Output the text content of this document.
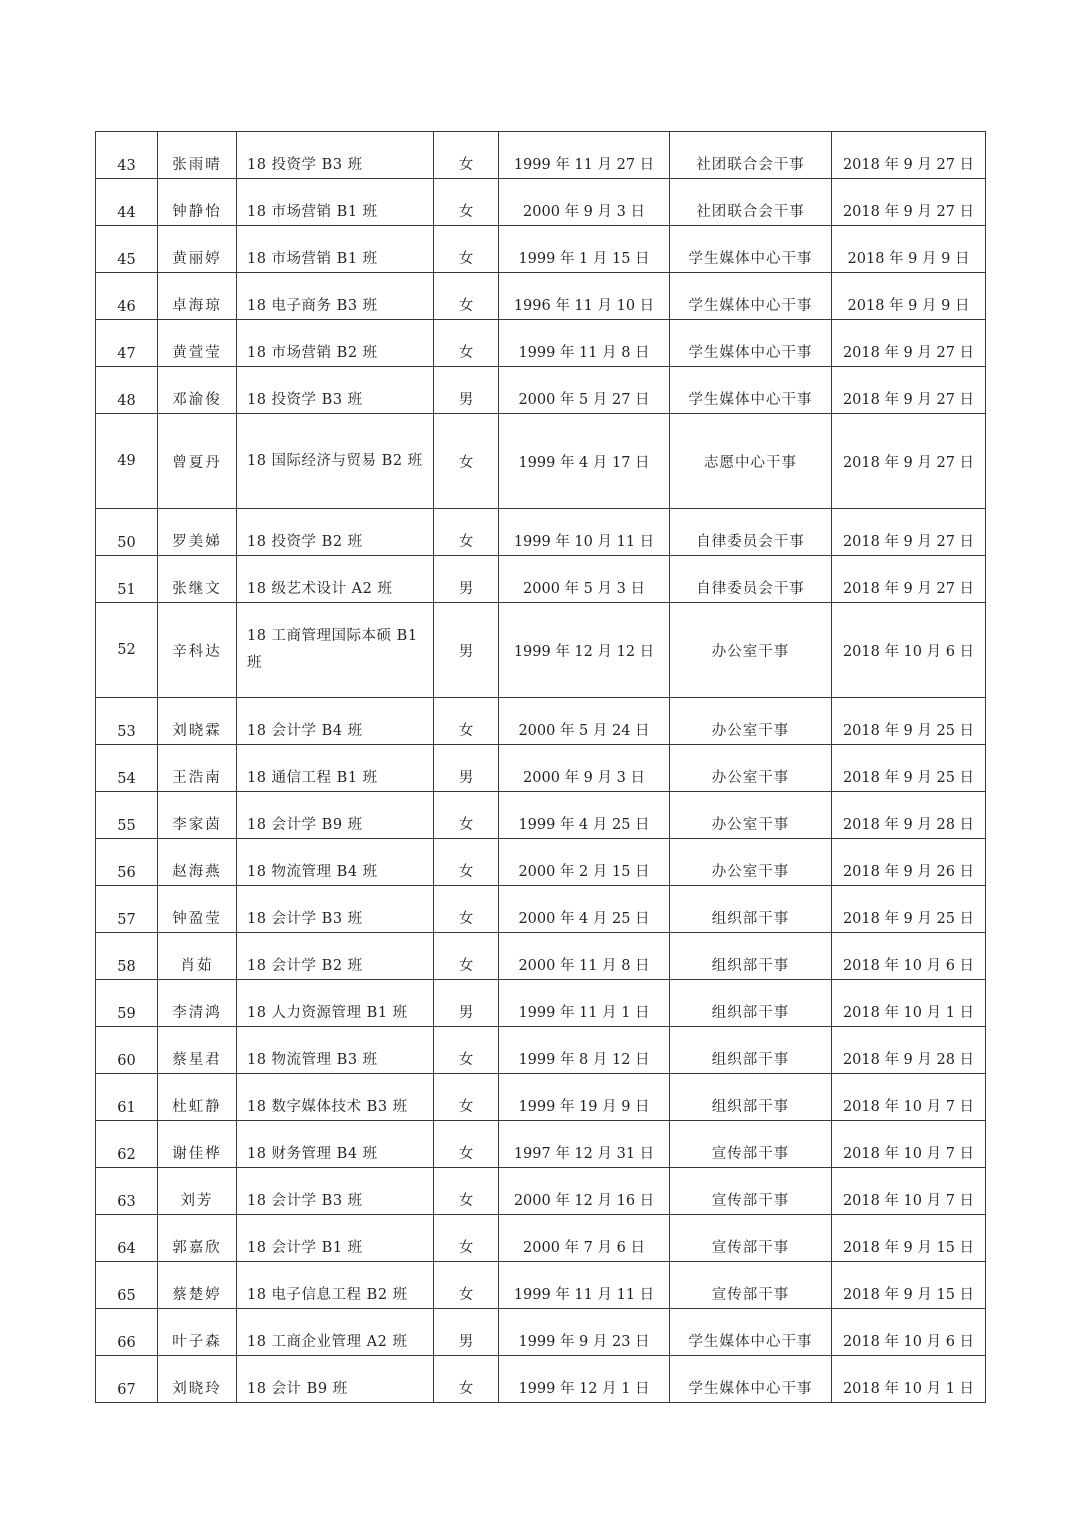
43	张雨晴	18 投资学 B3 班	女	1999 年 11 月 27 日	社团联合会干事	2018 年 9 月 27 日
44	钟静怡	18 市场营销 B1 班	女	2000 年 9 月 3 日	社团联合会干事	2018 年 9 月 27 日
45	黄丽婷	18 市场营销 B1 班	女	1999 年 1 月 15 日	学生媒体中心干事	2018 年 9 月 9 日
46	卓海琼	18 电子商务 B3 班	女	1996 年 11 月 10 日	学生媒体中心干事	2018 年 9 月 9 日
47	黄萱莹	18 市场营销 B2 班	女	1999 年 11 月 8 日	学生媒体中心干事	2018 年 9 月 27 日
48	邓渝俊	18 投资学 B3 班	男	2000 年 5 月 27 日	学生媒体中心干事	2018 年 9 月 27 日
49	曾夏丹	18 国际经济与贸易 B2 班	女	1999 年 4 月 17 日	志愿中心干事	2018 年 9 月 27 日
50	罗美娣	18 投资学 B2 班	女	1999 年 10 月 11 日	自律委员会干事	2018 年 9 月 27 日
51	张继文	18 级艺术设计 A2 班	男	2000 年 5 月 3 日	自律委员会干事	2018 年 9 月 27 日
52	辛科达	18 工商管理国际本硕 B1 班	男	1999 年 12 月 12 日	办公室干事	2018 年 10 月 6 日
53	刘晓霖	18 会计学 B4 班	女	2000 年 5 月 24 日	办公室干事	2018 年 9 月 25 日
54	王浩南	18 通信工程 B1 班	男	2000 年 9 月 3 日	办公室干事	2018 年 9 月 25 日
55	李家茵	18 会计学 B9 班	女	1999 年 4 月 25 日	办公室干事	2018 年 9 月 28 日
56	赵海燕	18 物流管理 B4 班	女	2000 年 2 月 15 日	办公室干事	2018 年 9 月 26 日
57	钟盈莹	18 会计学 B3 班	女	2000 年 4 月 25 日	组织部干事	2018 年 9 月 25 日
58	肖茹	18 会计学 B2 班	女	2000 年 11 月 8 日	组织部干事	2018 年 10 月 6 日
59	李清鸿	18 人力资源管理 B1 班	男	1999 年 11 月 1 日	组织部干事	2018 年 10 月 1 日
60	蔡星君	18 物流管理 B3 班	女	1999 年 8 月 12 日	组织部干事	2018 年 9 月 28 日
61	杜虹静	18 数字媒体技术 B3 班	女	1999 年 19 月 9 日	组织部干事	2018 年 10 月 7 日
62	谢佳桦	18 财务管理 B4 班	女	1997 年 12 月 31 日	宣传部干事	2018 年 10 月 7 日
63	刘芳	18 会计学 B3 班	女	2000 年 12 月 16 日	宣传部干事	2018 年 10 月 7 日
64	郭嘉欣	18 会计学 B1 班	女	2000 年 7 月 6 日	宣传部干事	2018 年 9 月 15 日
65	蔡楚婷	18 电子信息工程 B2 班	女	1999 年 11 月 11 日	宣传部干事	2018 年 9 月 15 日
66	叶子森	18 工商企业管理 A2 班	男	1999 年 9 月 23 日	学生媒体中心干事	2018 年 10 月 6 日
67	刘晓玲	18 会计 B9 班	女	1999 年 12 月 1 日	学生媒体中心干事	2018 年 10 月 1 日
